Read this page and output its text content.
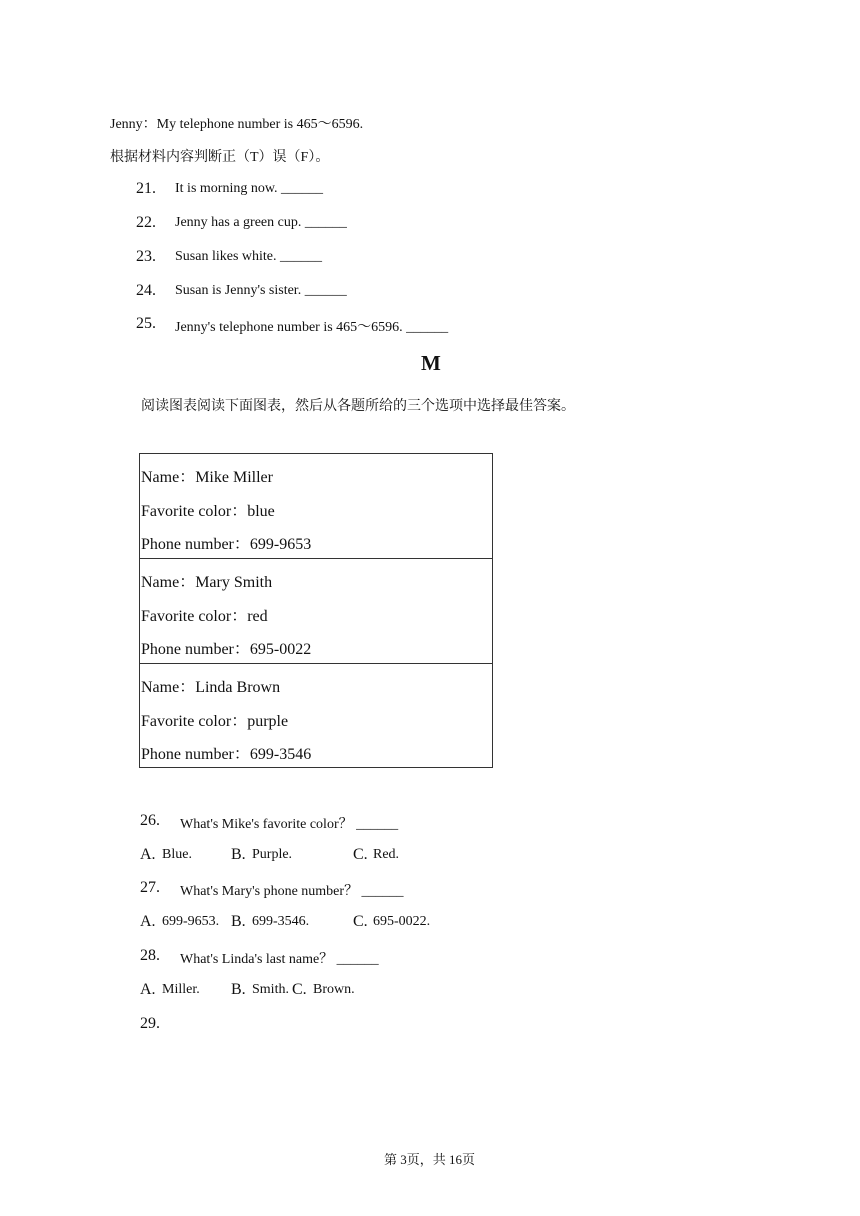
Jenny：My telephone number is 465～6596.
根据材料内容判断正（T）误（F）。
21. It is morning now. ______
22. Jenny has a green cup. ______
23. Susan likes white. ______
24. Susan is Jenny's sister. ______
25. Jenny's telephone number is 465～6596. ______
M
阅读图表阅读下面图表，然后从各题所给的三个选项中选择最佳答案。
Name：Mike Miller
Favorite color：blue
Phone number：699-9653
Name：Mary Smith
Favorite color：red
Phone number：695-0022
Name：Linda Brown
Favorite color：purple
Phone number：699-3546
26. What's Mike's favorite color？ ______
A. Blue. B. Purple.	C. Red.
27. What's Mary's phone number？ ______
A. 699-9653. B. 699-3546.	C. 695-0022.
28. What's Linda's last name？ ______
A. Miller. B. Smith. C. Brown.
29.
第 3页，共 16页
